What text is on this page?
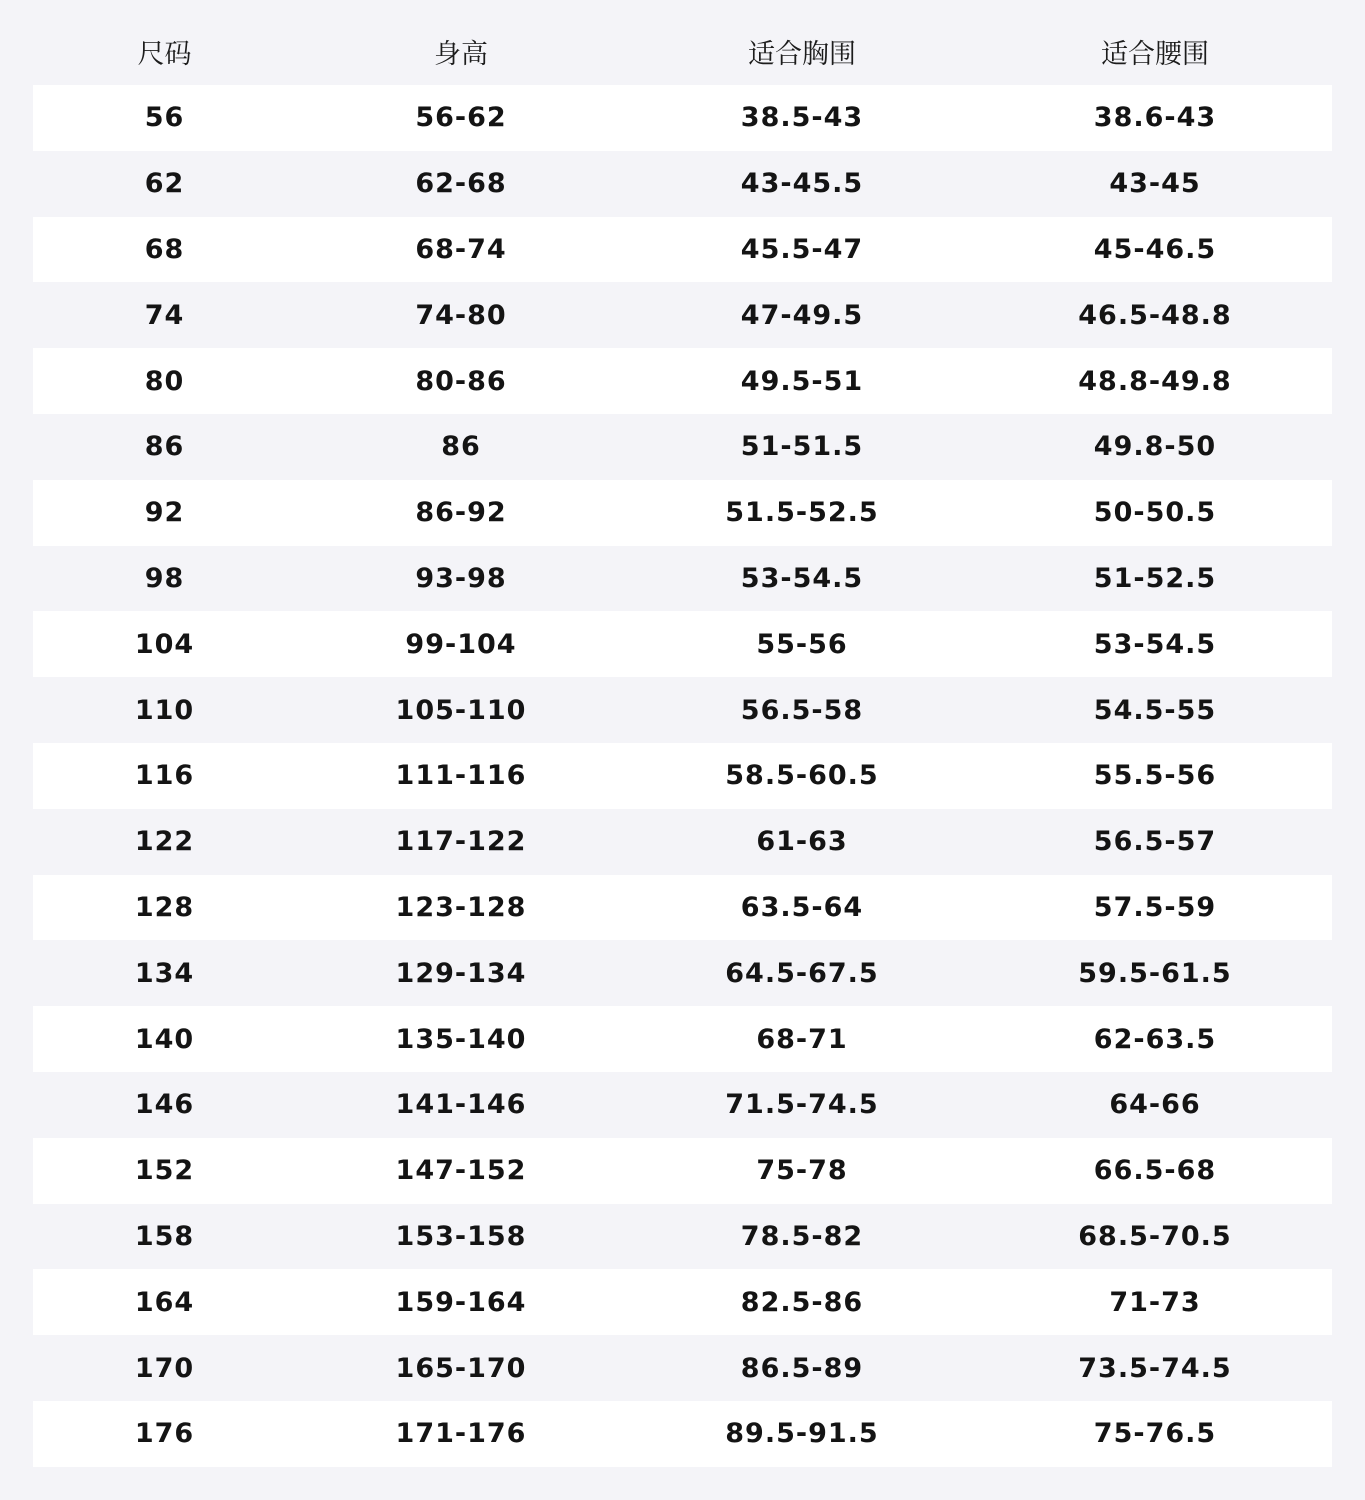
尺码	身高	适合胸围	适合腰围
56	56-62	38.5-43	38.6-43
62	62-68	43-45.5	43-45
68	68-74	45.5-47	45-46.5
74	74-80	47-49.5	46.5-48.8
80	80-86	49.5-51	48.8-49.8
86	86	51-51.5	49.8-50
92	86-92	51.5-52.5	50-50.5
98	93-98	53-54.5	51-52.5
104	99-104	55-56	53-54.5
110	105-110	56.5-58	54.5-55
116	111-116	58.5-60.5	55.5-56
122	117-122	61-63	56.5-57
128	123-128	63.5-64	57.5-59
134	129-134	64.5-67.5	59.5-61.5
140	135-140	68-71	62-63.5
146	141-146	71.5-74.5	64-66
152	147-152	75-78	66.5-68
158	153-158	78.5-82	68.5-70.5
164	159-164	82.5-86	71-73
170	165-170	86.5-89	73.5-74.5
176	171-176	89.5-91.5	75-76.5
